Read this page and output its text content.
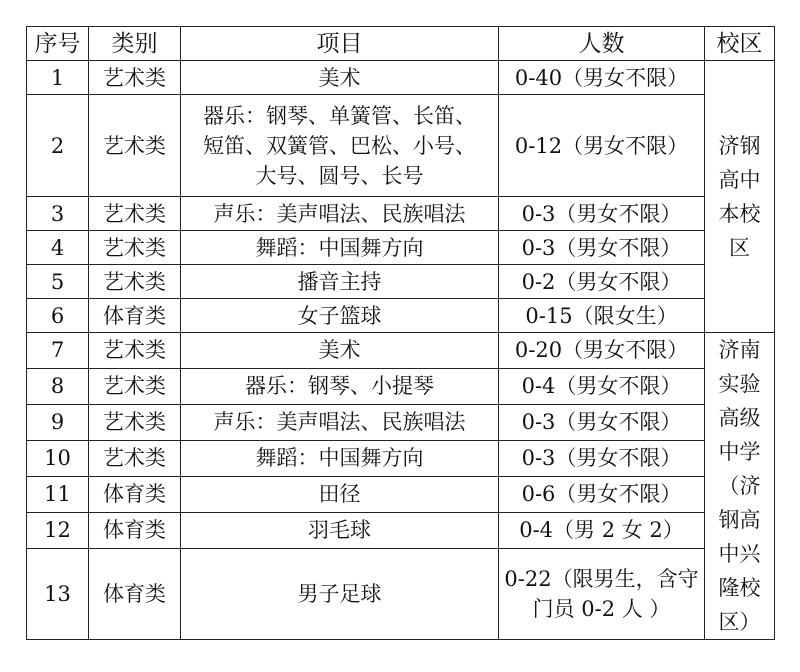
序号	类别	项目	人数	校区
1	艺术类	美术	0-40（男女不限）	济钢高中本校区
2	艺术类	器乐：钢琴、单簧管、长笛、
短笛、双簧管、巴松、小号、
大号、圆号、长号	0-12（男女不限）	
3	艺术类	声乐：美声唱法、民族唱法	0-3（男女不限）	
4	艺术类	舞蹈：中国舞方向	0-3（男女不限）	
5	艺术类	播音主持	0-2（男女不限）	
6	体育类	女子篮球	0-15（限女生）	
7	艺术类	美术	0-20（男女不限）	济南实验高级中学（济钢高中兴隆校区）
8	艺术类	器乐：钢琴、小提琴	0-4（男女不限）	
9	艺术类	声乐：美声唱法、民族唱法	0-3（男女不限）	
10	艺术类	舞蹈：中国舞方向	0-3（男女不限）	
11	体育类	田径	0-6（男女不限）	
12	体育类	羽毛球	0-4（男 2 女 2）	
13	体育类	男子足球	0-22（限男生，含守门员 0-2 人 ）	
